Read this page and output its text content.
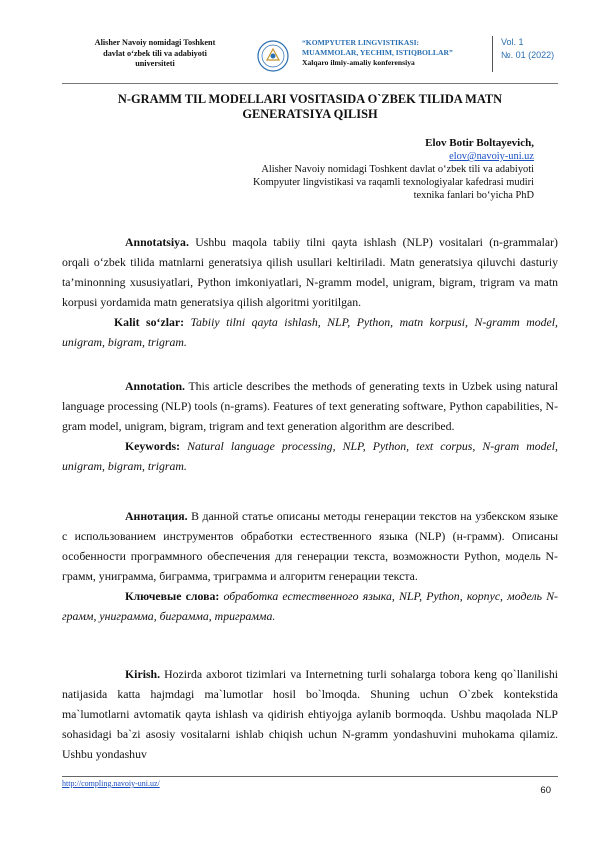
Alisher Navoiy nomidagi Toshkent
davlat o‘zbek tili va adabiyoti
universiteti
“KOMPYUTER LINGVISTIKASI:
MUAMMOLAR, YECHIM, ISTIQBOLLAR”
Xalqaro ilmiy-amaliy konferensiya
Vol. 1
№. 01 (2022)
N-GRAMM TIL MODELLARI VOSITASIDA O`ZBEK TILIDA MATN
GENERATSIYA QILISH
Elov Botir Boltayevich,
elov@navoiy-uni.uz
Alisher Navoiy nomidagi Toshkent davlat o‘zbek tili va adabiyoti
Kompyuter lingvistikasi va raqamli texnologiyalar kafedrasi mudiri
texnika fanlari bo‘yicha PhD

Annotatsiya. Ushbu maqola tabiiy tilni qayta ishlash (NLP) vositalari (n-grammalar) orqali o‘zbek tilida matnlarni generatsiya qilish usullari keltiriladi. Matn generatsiya qiluvchi dasturiy ta’minonning xususiyatlari, Python imkoniyatlari, N-gramm model, unigram, bigram, trigram va matn korpusi yordamida matn generatsiya qilish algoritmi yoritilgan.

Kalit so‘zlar: Tabiiy tilni qayta ishlash, NLP, Python, matn korpusi, N-gramm model, unigram, bigram, trigram.

Annotation. This article describes the methods of generating texts in Uzbek using natural language processing (NLP) tools (n-grams). Features of text generating software, Python capabilities, N-gram model, unigram, bigram, trigram and text generation algorithm are described.

Keywords: Natural language processing, NLP, Python, text corpus, N-gram model, unigram, bigram, trigram.

Аннотация. В данной статье описаны методы генерации текстов на узбекском языке с использованием инструментов обработки естественного языка (NLP) (н-грамм). Описаны особенности программного обеспечения для генерации текста, возможности Python, модель N-грамм, униграмма, биграмма, триграмма и алгоритм генерации текста.

Ключевые слова: обработка естественного языка, NLP, Python, корпус, модель N-грамм, униграмма, биграмма, триграмма.

Kirish. Hozirda axborot tizimlari va Internetning turli sohalarga tobora keng qo`llanilishi natijasida katta hajmdagi ma`lumotlar hosil bo`lmoqda. Shuning uchun O`zbek kontekstida ma`lumotlarni avtomatik qayta ishlash va qidirish ehtiyojga aylanib bormoqda. Ushbu maqolada NLP sohasidagi ba`zi asosiy vositalarni ishlab chiqish uchun N-gramm yondashuvini muhokama qilamiz. Ushbu yondashuv

http://compling.navoiy-uni.uz/
60
